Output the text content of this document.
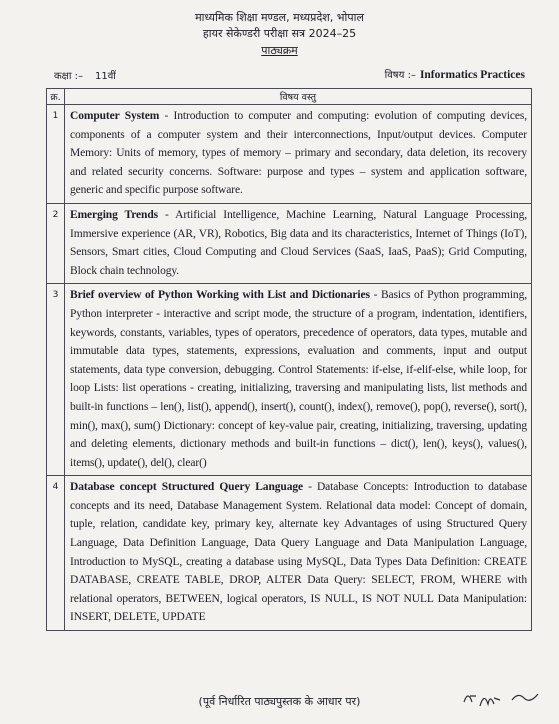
माध्यमिक शिक्षा मण्डल, मध्यप्रदेश, भोपाल
हायर सेकेण्डरी परीक्षा सत्र 2024–25
पाठ्यक्रम
कक्षा :– 11वीं	विषय :– Informatics Practices
क्र.	विषय वस्तु
1	Computer System - Introduction to computer and computing: evolution of computing devices, components of a computer system and their interconnections, Input/output devices. Computer Memory: Units of memory, types of memory – primary and secondary, data deletion, its recovery and related security concerns. Software: purpose and types – system and application software, generic and specific purpose software.
2	Emerging Trends - Artificial Intelligence, Machine Learning, Natural Language Processing, Immersive experience (AR, VR), Robotics, Big data and its characteristics, Internet of Things (IoT), Sensors, Smart cities, Cloud Computing and Cloud Services (SaaS, IaaS, PaaS); Grid Computing, Block chain technology.
3	Brief overview of Python Working with List and Dictionaries - Basics of Python programming, Python interpreter - interactive and script mode, the structure of a program, indentation, identifiers, keywords, constants, variables, types of operators, precedence of operators, data types, mutable and immutable data types, statements, expressions, evaluation and comments, input and output statements, data type conversion, debugging. Control Statements: if-else, if-elif-else, while loop, for loop Lists: list operations - creating, initializing, traversing and manipulating lists, list methods and built-in functions – len(), list(), append(), insert(), count(), index(), remove(), pop(), reverse(), sort(), min(), max(), sum() Dictionary: concept of key-value pair, creating, initializing, traversing, updating and deleting elements, dictionary methods and built-in functions – dict(), len(), keys(), values(), items(), update(), del(), clear()
4	Database concept Structured Query Language - Database Concepts: Introduction to database concepts and its need, Database Management System. Relational data model: Concept of domain, tuple, relation, candidate key, primary key, alternate key Advantages of using Structured Query Language, Data Definition Language, Data Query Language and Data Manipulation Language, Introduction to MySQL, creating a database using MySQL, Data Types Data Definition: CREATE DATABASE, CREATE TABLE, DROP, ALTER Data Query: SELECT, FROM, WHERE with relational operators, BETWEEN, logical operators, IS NULL, IS NOT NULL Data Manipulation: INSERT, DELETE, UPDATE
(पूर्व निर्धारित पाठ्यपुस्तक के आधार पर)
